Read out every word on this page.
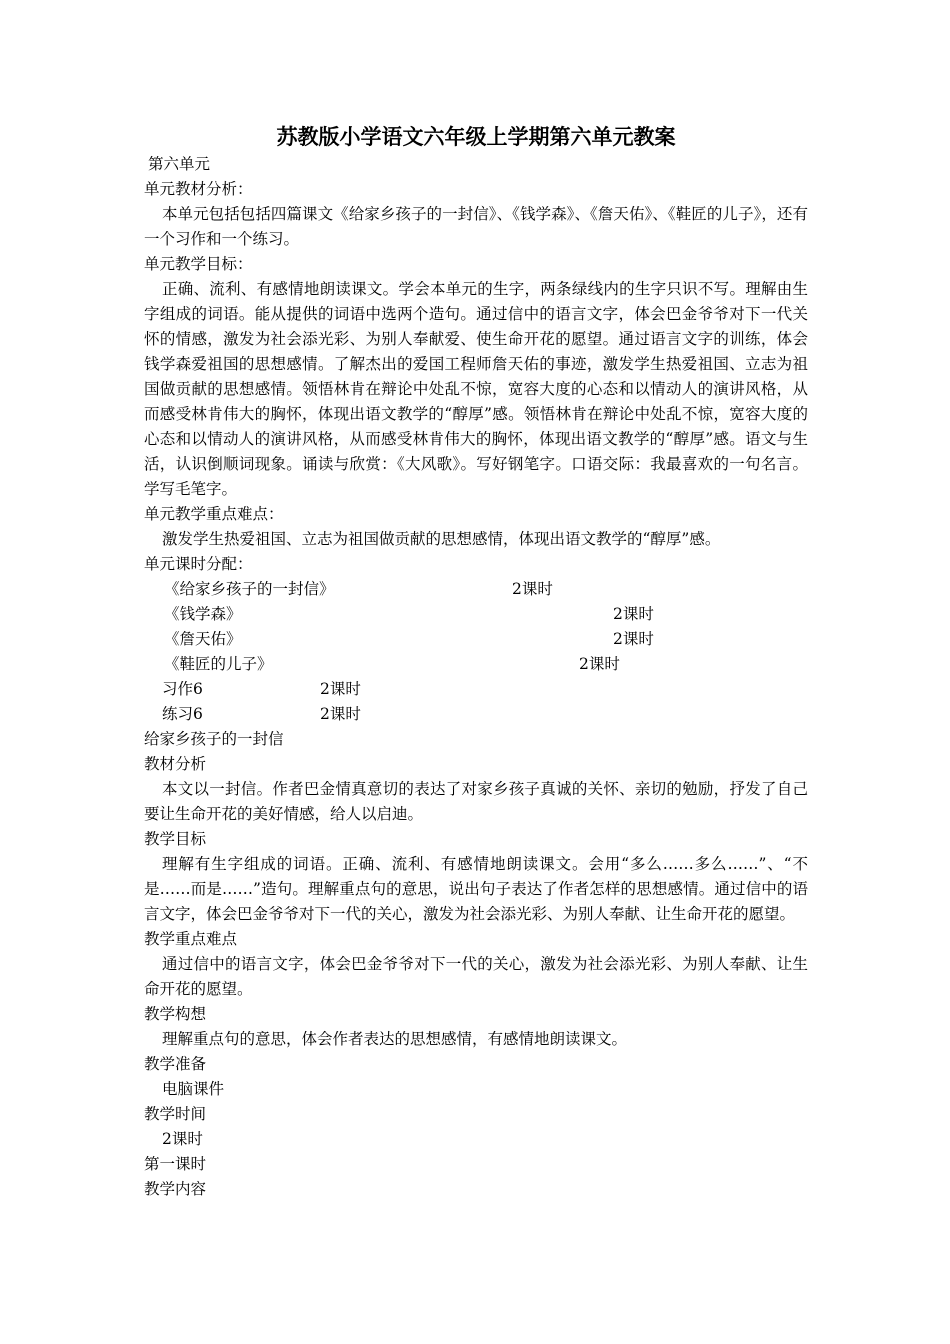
苏教版小学语文六年级上学期第六单元教案
第六单元
单元教材分析：
本单元包括包括四篇课文《给家乡孩子的一封信》、《钱学森》、《詹天佑》、《鞋匠的儿子》，还有一个习作和一个练习。
单元教学目标：
正确、流利、有感情地朗读课文。学会本单元的生字，两条绿线内的生字只识不写。理解由生字组成的词语。能从提供的词语中选两个造句。通过信中的语言文字，体会巴金爷爷对下一代关怀的情感，激发为社会添光彩、为别人奉献爱、使生命开花的愿望。通过语言文字的训练，体会钱学森爱祖国的思想感情。了解杰出的爱国工程师詹天佑的事迹，激发学生热爱祖国、立志为祖国做贡献的思想感情。领悟林肯在辩论中处乱不惊，宽容大度的心态和以情动人的演讲风格，从而感受林肯伟大的胸怀，体现出语文教学的“醇厚”感。领悟林肯在辩论中处乱不惊，宽容大度的心态和以情动人的演讲风格，从而感受林肯伟大的胸怀，体现出语文教学的“醇厚”感。语文与生活，认识倒顺词现象。诵读与欣赏：《大风歌》。写好钢笔字。口语交际：我最喜欢的一句名言。学写毛笔字。
单元教学重点难点：
激发学生热爱祖国、立志为祖国做贡献的思想感情，体现出语文教学的“醇厚”感。
单元课时分配：
《给家乡孩子的一封信》	2课时
《钱学森》	2课时
《詹天佑》	2课时
《鞋匠的儿子》	2课时
习作6	2课时
练习6	2课时
给家乡孩子的一封信
教材分析
本文以一封信。作者巴金情真意切的表达了对家乡孩子真诚的关怀、亲切的勉励，抒发了自己要让生命开花的美好情感，给人以启迪。
教学目标
理解有生字组成的词语。正确、流利、有感情地朗读课文。会用“多么……多么……”、“不是……而是……”造句。理解重点句的意思，说出句子表达了作者怎样的思想感情。通过信中的语言文字，体会巴金爷爷对下一代的关心，激发为社会添光彩、为别人奉献、让生命开花的愿望。
教学重点难点
通过信中的语言文字，体会巴金爷爷对下一代的关心，激发为社会添光彩、为别人奉献、让生命开花的愿望。
教学构想
理解重点句的意思，体会作者表达的思想感情，有感情地朗读课文。
教学准备
电脑课件
教学时间
2课时
第一课时
教学内容
